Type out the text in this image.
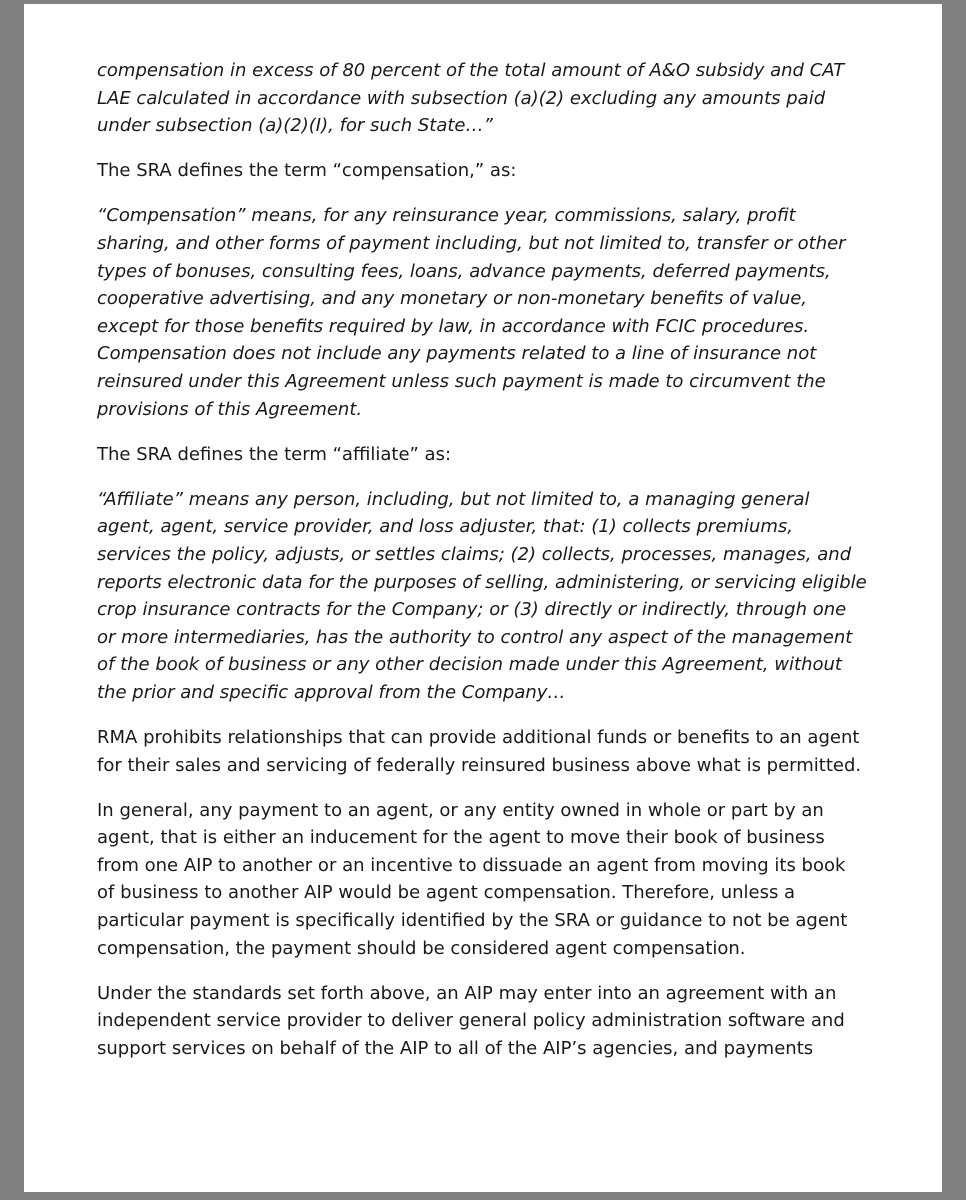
compensation in excess of 80 percent of the total amount of A&O subsidy and CAT
LAE calculated in accordance with subsection (a)(2) excluding any amounts paid
under subsection (a)(2)(I), for such State…”

The SRA defines the term “compensation,” as:

“Compensation” means, for any reinsurance year, commissions, salary, profit
sharing, and other forms of payment including, but not limited to, transfer or other
types of bonuses, consulting fees, loans, advance payments, deferred payments,
cooperative advertising, and any monetary or non-monetary benefits of value,
except for those benefits required by law, in accordance with FCIC procedures.
Compensation does not include any payments related to a line of insurance not
reinsured under this Agreement unless such payment is made to circumvent the
provisions of this Agreement.

The SRA defines the term “affiliate” as:

“Affiliate” means any person, including, but not limited to, a managing general
agent, agent, service provider, and loss adjuster, that: (1) collects premiums,
services the policy, adjusts, or settles claims; (2) collects, processes, manages, and
reports electronic data for the purposes of selling, administering, or servicing eligible
crop insurance contracts for the Company; or (3) directly or indirectly, through one
or more intermediaries, has the authority to control any aspect of the management
of the book of business or any other decision made under this Agreement, without
the prior and specific approval from the Company…

RMA prohibits relationships that can provide additional funds or benefits to an agent
for their sales and servicing of federally reinsured business above what is permitted.

In general, any payment to an agent, or any entity owned in whole or part by an
agent, that is either an inducement for the agent to move their book of business
from one AIP to another or an incentive to dissuade an agent from moving its book
of business to another AIP would be agent compensation. Therefore, unless a
particular payment is specifically identified by the SRA or guidance to not be agent
compensation, the payment should be considered agent compensation.

Under the standards set forth above, an AIP may enter into an agreement with an
independent service provider to deliver general policy administration software and
support services on behalf of the AIP to all of the AIP’s agencies, and payments
